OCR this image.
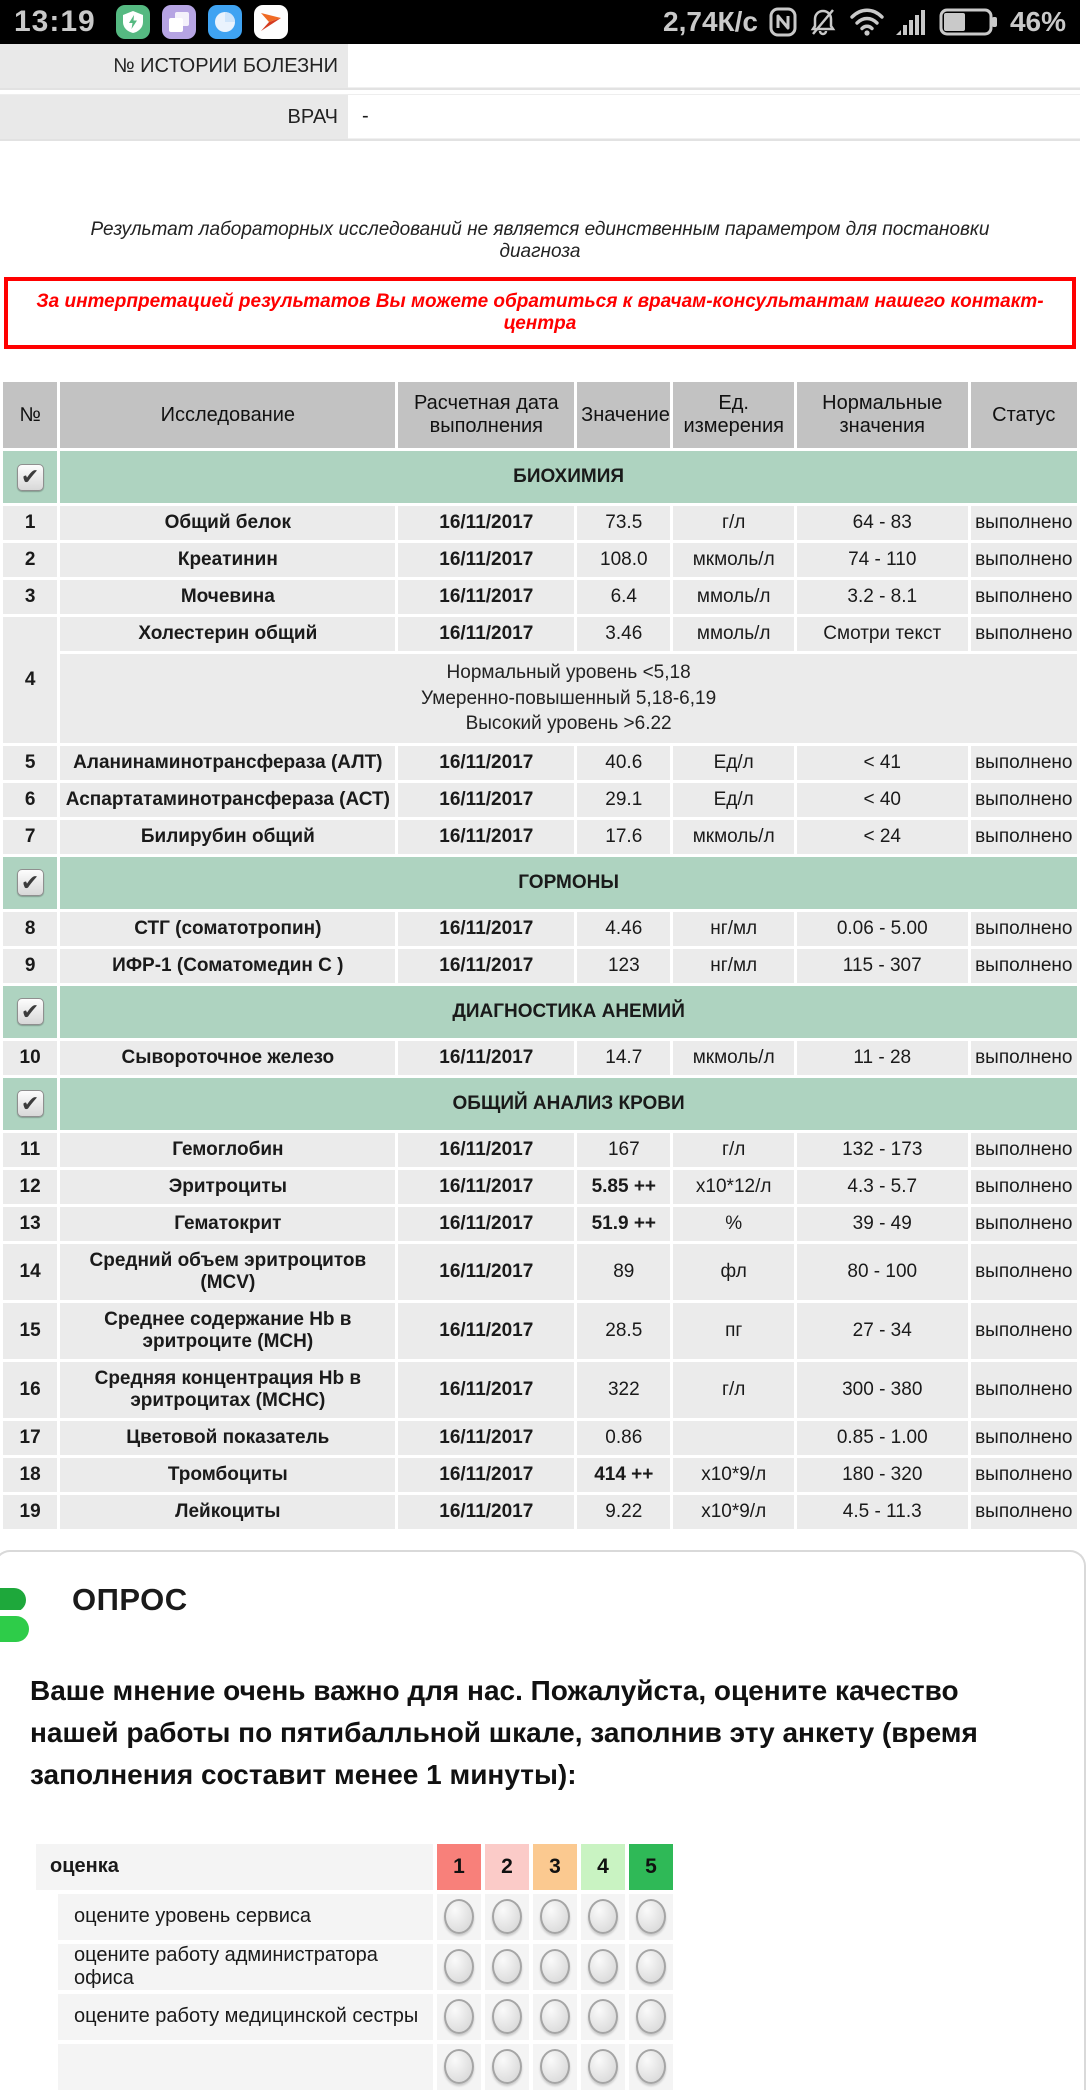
13:19	2,74К/с	46%
№ ИСТОРИИ БОЛЕЗНИ
ВРАЧ	-
Результат лабораторных исследований не является единственным параметром для постановки диагноза
За интерпретацией результатов Вы можете обратиться к врачам-консультантам нашего контакт-центра
№	Исследование	Расчетная дата выполнения	Значение	Ед. измерения	Нормальные значения	Статус
✔	БИОХИМИЯ					
1	Общий белок	16/11/2017	73.5	г/л	64 - 83	выполнено
2	Креатинин	16/11/2017	108.0	мкмоль/л	74 - 110	выполнено
3	Мочевина	16/11/2017	6.4	ммоль/л	3.2 - 8.1	выполнено
4	Холестерин общий	16/11/2017	3.46	ммоль/л	Смотри текст	выполнено

	Нормальный уровень <5,18
Умеренно-повышенный 5,18-6,19
Высокий уровень >6.22					

5	Аланинаминотрансфераза (АЛТ)	16/11/2017	40.6	Ед/л	< 41	выполнено
6	Аспартатаминотрансфераза (АСТ)	16/11/2017	29.1	Ед/л	< 40	выполнено
7	Билирубин общий	16/11/2017	17.6	мкмоль/л	< 24	выполнено
✔	ГОРМОНЫ					
8	СТГ (соматотропин)	16/11/2017	4.46	нг/мл	0.06 - 5.00	выполнено
9	ИФР-1 (Соматомедин С )	16/11/2017	123	нг/мл	115 - 307	выполнено
✔	ДИАГНОСТИКА АНЕМИЙ					
10	Сывороточное железо	16/11/2017	14.7	мкмоль/л	11 - 28	выполнено
✔	ОБЩИЙ АНАЛИЗ КРОВИ					
11	Гемоглобин	16/11/2017	167	г/л	132 - 173	выполнено
12	Эритроциты	16/11/2017	5.85 ++	х10*12/л	4.3 - 5.7	выполнено
13	Гематокрит	16/11/2017	51.9 ++	%	39 - 49	выполнено
14	Средний объем эритроцитов (MCV)	16/11/2017	89	фл	80 - 100	выполнено
15	Среднее содержание Hb в эритроците (MCH)	16/11/2017	28.5	пг	27 - 34	выполнено
16	Средняя концентрация Hb в эритроцитах (MCHC)	16/11/2017	322	г/л	300 - 380	выполнено
17	Цветовой показатель	16/11/2017	0.86		0.85 - 1.00	выполнено
18	Тромбоциты	16/11/2017	414 ++	х10*9/л	180 - 320	выполнено
19	Лейкоциты	16/11/2017	9.22	х10*9/л	4.5 - 11.3	выполнено
ОПРОС
Ваше мнение очень важно для нас. Пожалуйста, оцените качество нашей работы по пятибалльной шкале, заполнив эту анкету (время заполнения составит менее 1 минуты):
оценка	1	2	3	4	5
оцените уровень сервиса
оцените работу администратора офиса
оцените работу медицинской сестры
